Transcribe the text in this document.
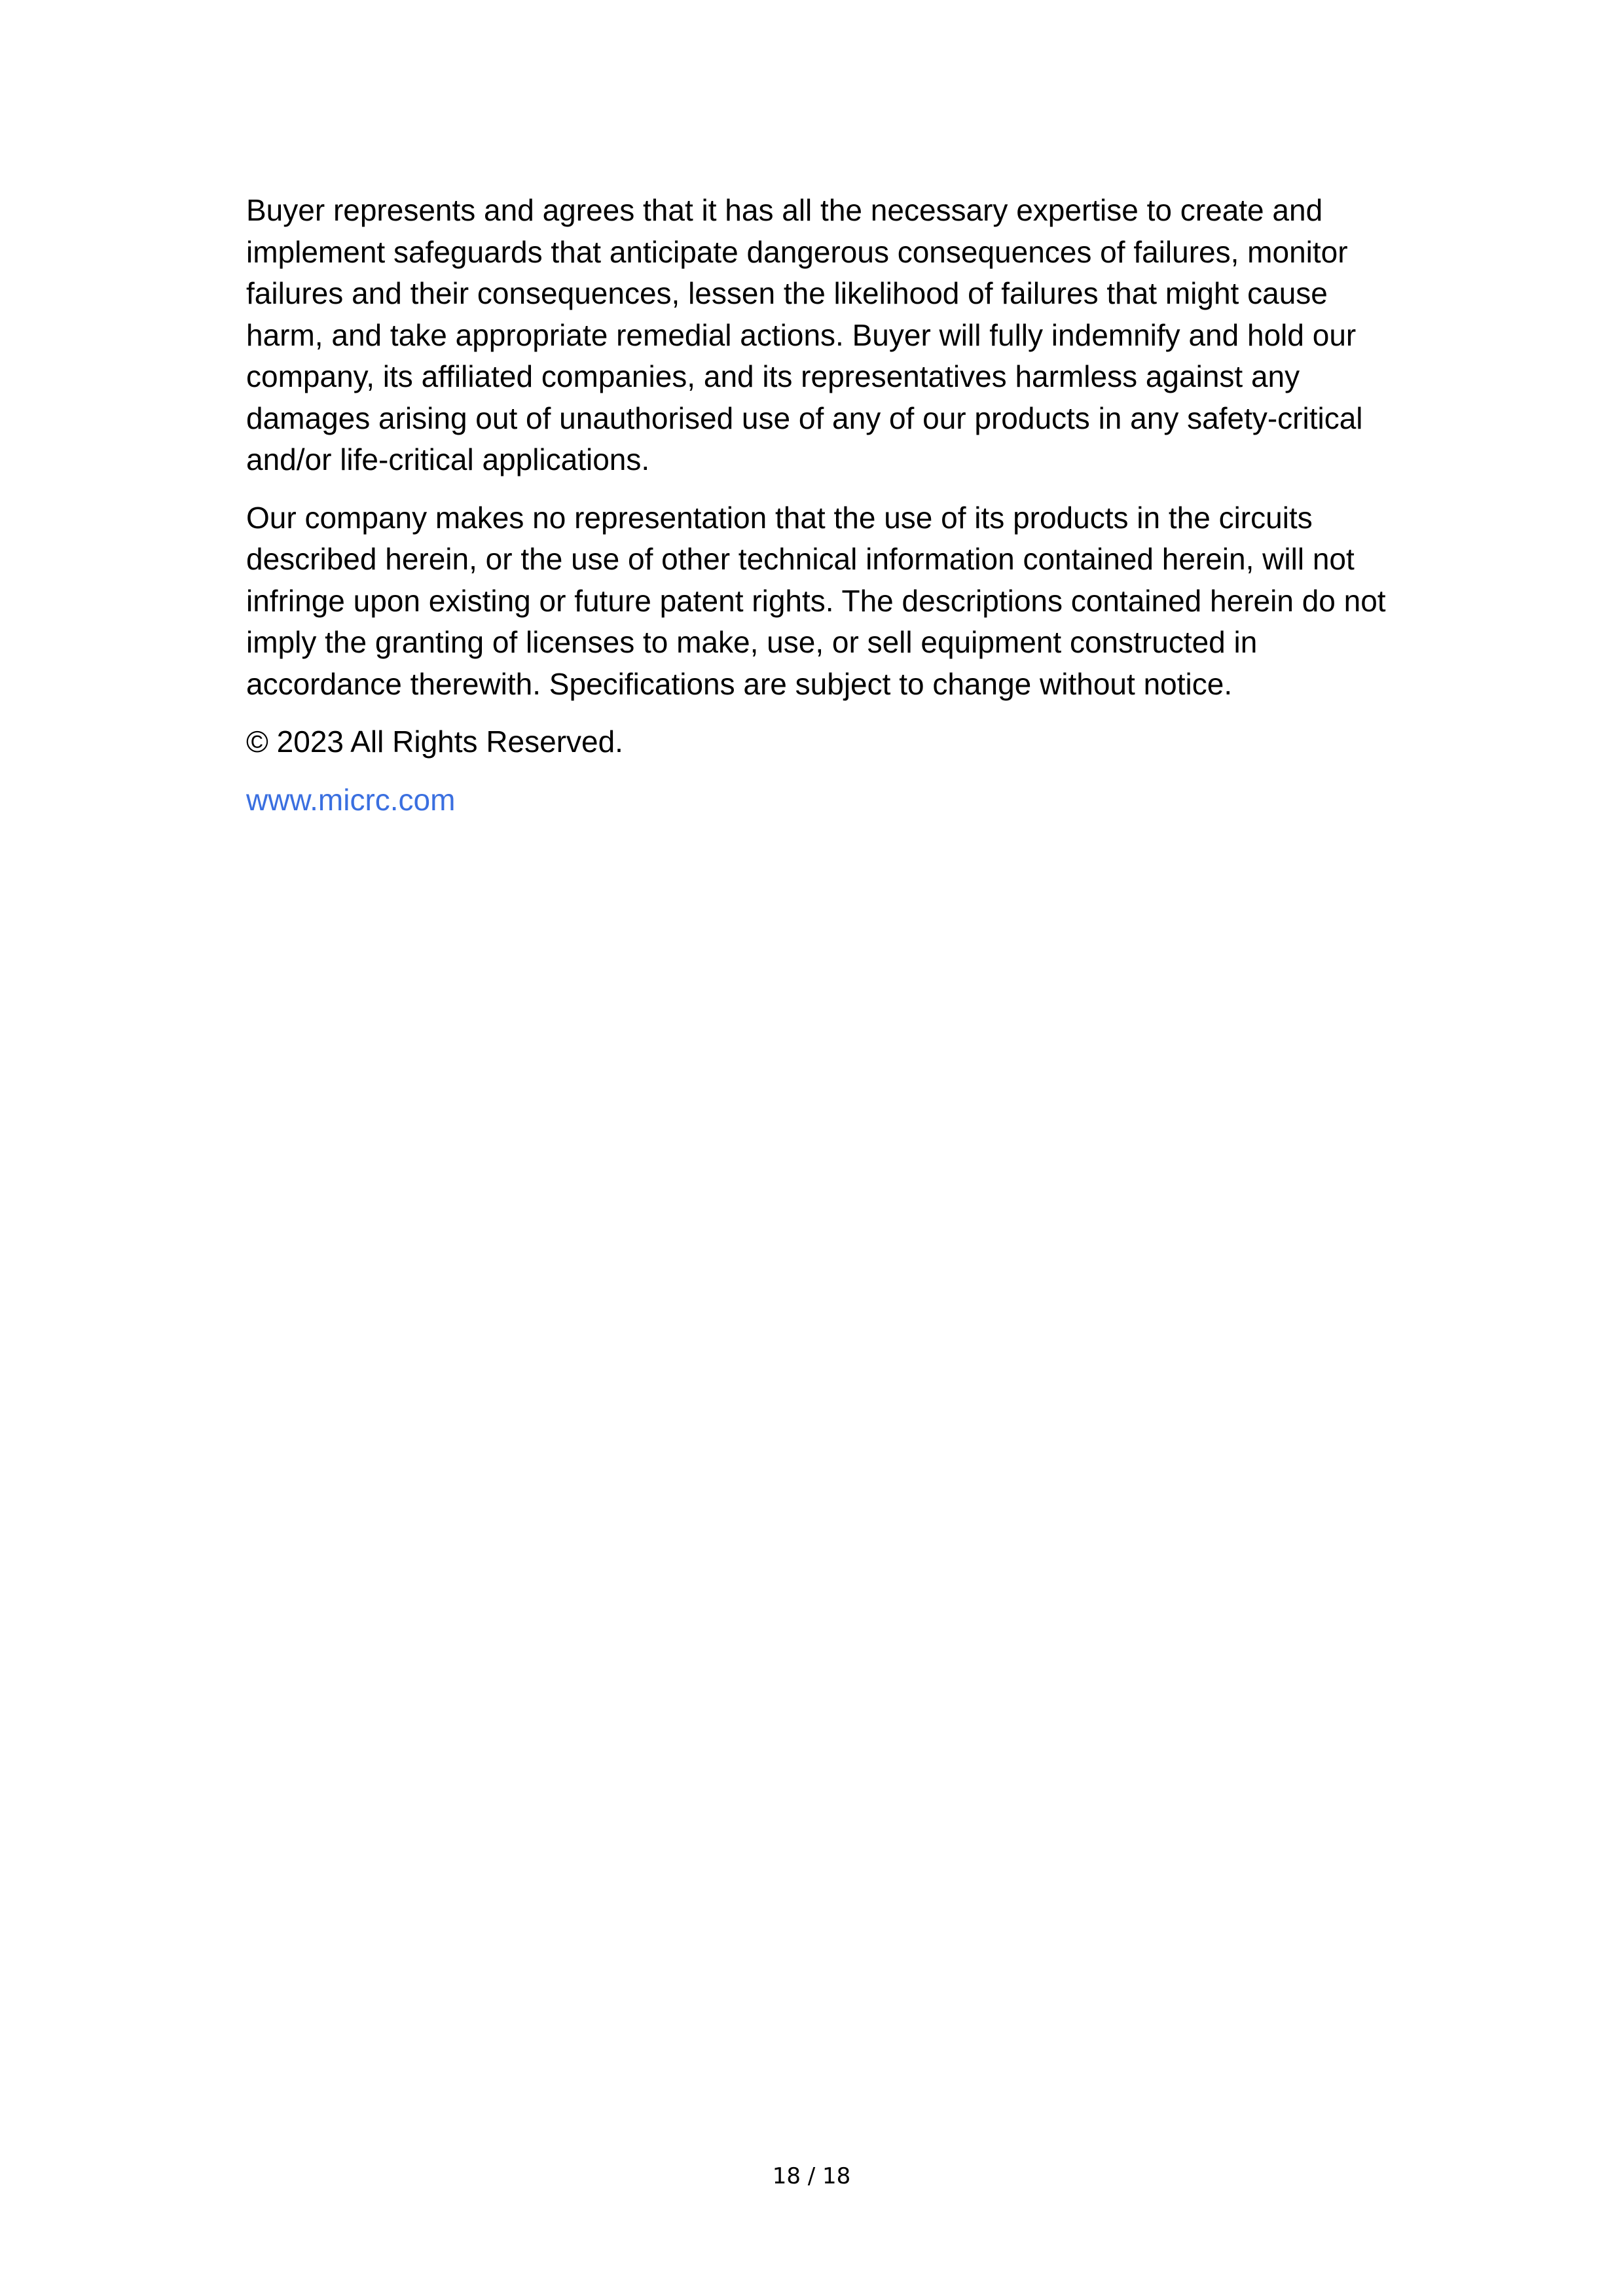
Buyer represents and agrees that it has all the necessary expertise to create and implement safeguards that anticipate dangerous consequences of failures, monitor failures and their consequences, lessen the likelihood of failures that might cause harm, and take appropriate remedial actions. Buyer will fully indemnify and hold our company, its affiliated companies, and its representatives harmless against any damages arising out of unauthorised use of any of our products in any safety-critical and/or life-critical applications.

Our company makes no representation that the use of its products in the circuits described herein, or the use of other technical information contained herein, will not infringe upon existing or future patent rights. The descriptions contained herein do not imply the granting of licenses to make, use, or sell equipment constructed in accordance therewith. Specifications are subject to change without notice.

© 2023 All Rights Reserved.

www.micrc.com
18 / 18
